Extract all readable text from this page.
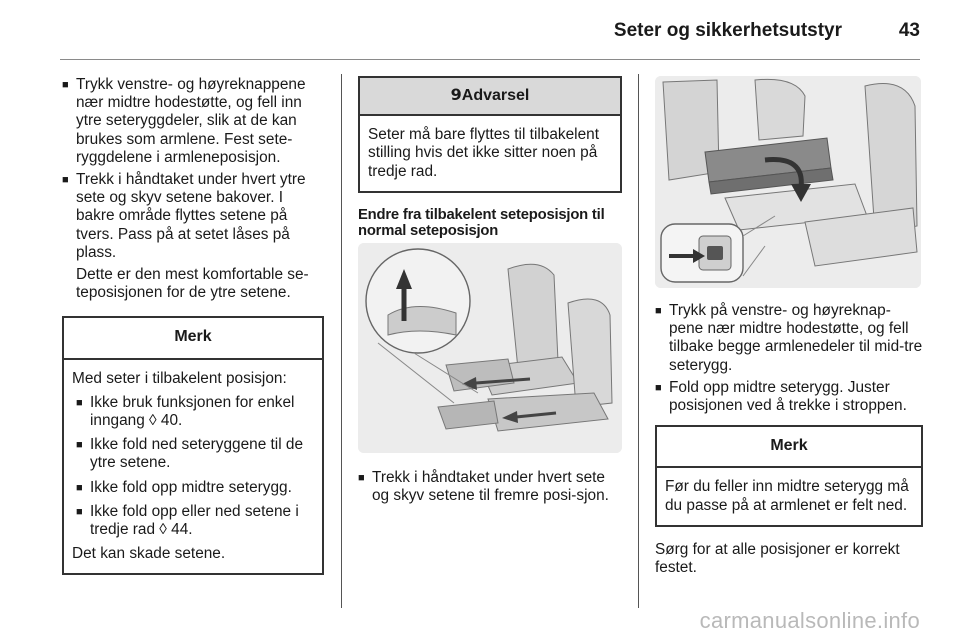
Seter og sikkerhetsutstyr	43
■ Trykk venstre- og høyreknappene nær midtre hodestøtte, og fell inn ytre seteryggdeler, slik at de kan brukes som armlene. Fest sete-ryggdelene i armleneposisjon.
■ Trekk i håndtaket under hvert ytre sete og skyv setene bakover. I bakre område flyttes setene på tvers. Pass på at setet låses på plass.

Dette er den mest komfortable se-teposisjonen for de ytre setene.

Merk

Med seter i tilbakelent posisjon:

■ Ikke bruk funksjonen for enkel inngang ◊ 40.
■ Ikke fold ned seteryggene til de ytre setene.
■ Ikke fold opp midtre seterygg.
■ Ikke fold opp eller ned setene i tredje rad ◊ 44.

Det kan skade setene.

9Advarsel

Seter må bare flyttes til tilbakelent stilling hvis det ikke sitter noen på tredje rad.

Endre fra tilbakelent seteposisjon til normal seteposisjon
■ Trekk i håndtaket under hvert sete og skyv setene til fremre posi-sjon.
■ Trykk på venstre- og høyreknap-pene nær midtre hodestøtte, og fell tilbake begge armlenedeler til mid-tre seterygg.
■ Fold opp midtre seterygg. Juster posisjonen ved å trekke i stroppen.
Merk

Før du feller inn midtre seterygg må du passe på at armlenet er felt ned.

Sørg for at alle posisjoner er korrekt festet.

carmanualsonline.info
